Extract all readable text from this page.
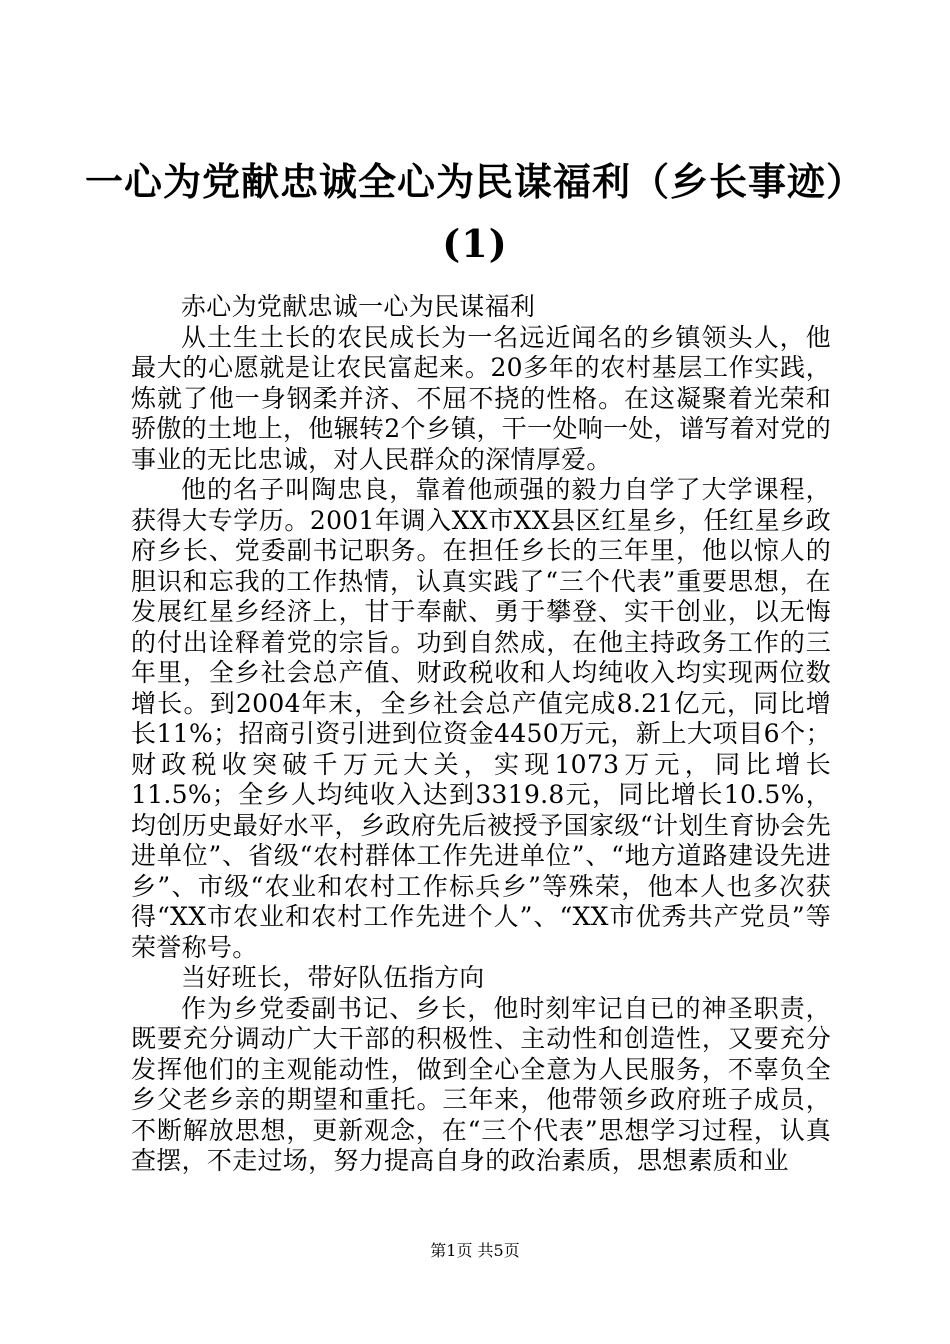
一心为党献忠诚全心为民谋福利（乡长事迹）
(1)

赤心为党献忠诚一心为民谋福利

从土生土长的农民成长为一名远近闻名的乡镇领头人，他最大的心愿就是让农民富起来。20多年的农村基层工作实践，炼就了他一身钢柔并济、不屈不挠的性格。在这凝聚着光荣和骄傲的土地上，他辗转2个乡镇，干一处响一处，谱写着对党的事业的无比忠诚，对人民群众的深情厚爱。

他的名子叫陶忠良，靠着他顽强的毅力自学了大学课程，获得大专学历。2001年调入XX市XX县区红星乡，任红星乡政府乡长、党委副书记职务。在担任乡长的三年里，他以惊人的胆识和忘我的工作热情，认真实践了“三个代表”重要思想，在发展红星乡经济上，甘于奉献、勇于攀登、实干创业，以无悔的付出诠释着党的宗旨。功到自然成，在他主持政务工作的三年里，全乡社会总产值、财政税收和人均纯收入均实现两位数增长。到2004年末，全乡社会总产值完成8.21亿元，同比增长11%；招商引资引进到位资金4450万元，新上大项目6个；财政税收突破千万元大关，实现1073万元，同比增长11.5%；全乡人均纯收入达到3319.8元，同比增长10.5%，均创历史最好水平，乡政府先后被授予国家级“计划生育协会先进单位”、省级“农村群体工作先进单位”、“地方道路建设先进乡”、市级“农业和农村工作标兵乡”等殊荣，他本人也多次获得“XX市农业和农村工作先进个人”、“XX市优秀共产党员”等荣誉称号。

当好班长，带好队伍指方向

作为乡党委副书记、乡长，他时刻牢记自已的神圣职责，既要充分调动广大干部的积极性、主动性和创造性，又要充分发挥他们的主观能动性，做到全心全意为人民服务，不辜负全乡父老乡亲的期望和重托。三年来，他带领乡政府班子成员，不断解放思想，更新观念，在“三个代表”思想学习过程，认真查摆，不走过场，努力提高自身的政治素质，思想素质和业

第1页 共5页
